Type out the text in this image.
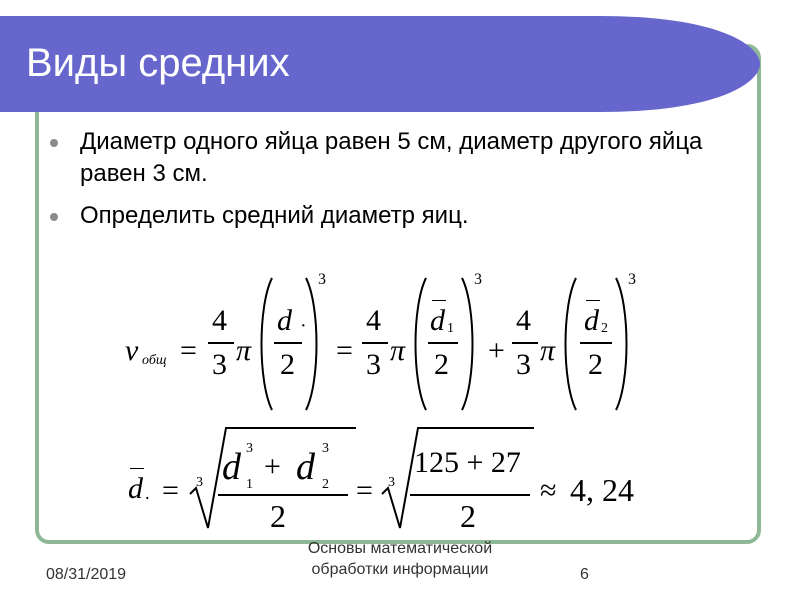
Виды средних
Диаметр одного яйца равен 5 см, диаметр другого яйца равен 3 см.
Определить средний диаметр яиц.
v общ =
4
3 π
d ·
2
3
=
4
3 π
d 1
2
3
+
4
3 π
d 2
2
3
d . = 3 d 3
1
+ d 3
2
2
= 3
125 + 27
2
≈ 4, 24
08/31/2019
Основы математической
обработки информации	6
